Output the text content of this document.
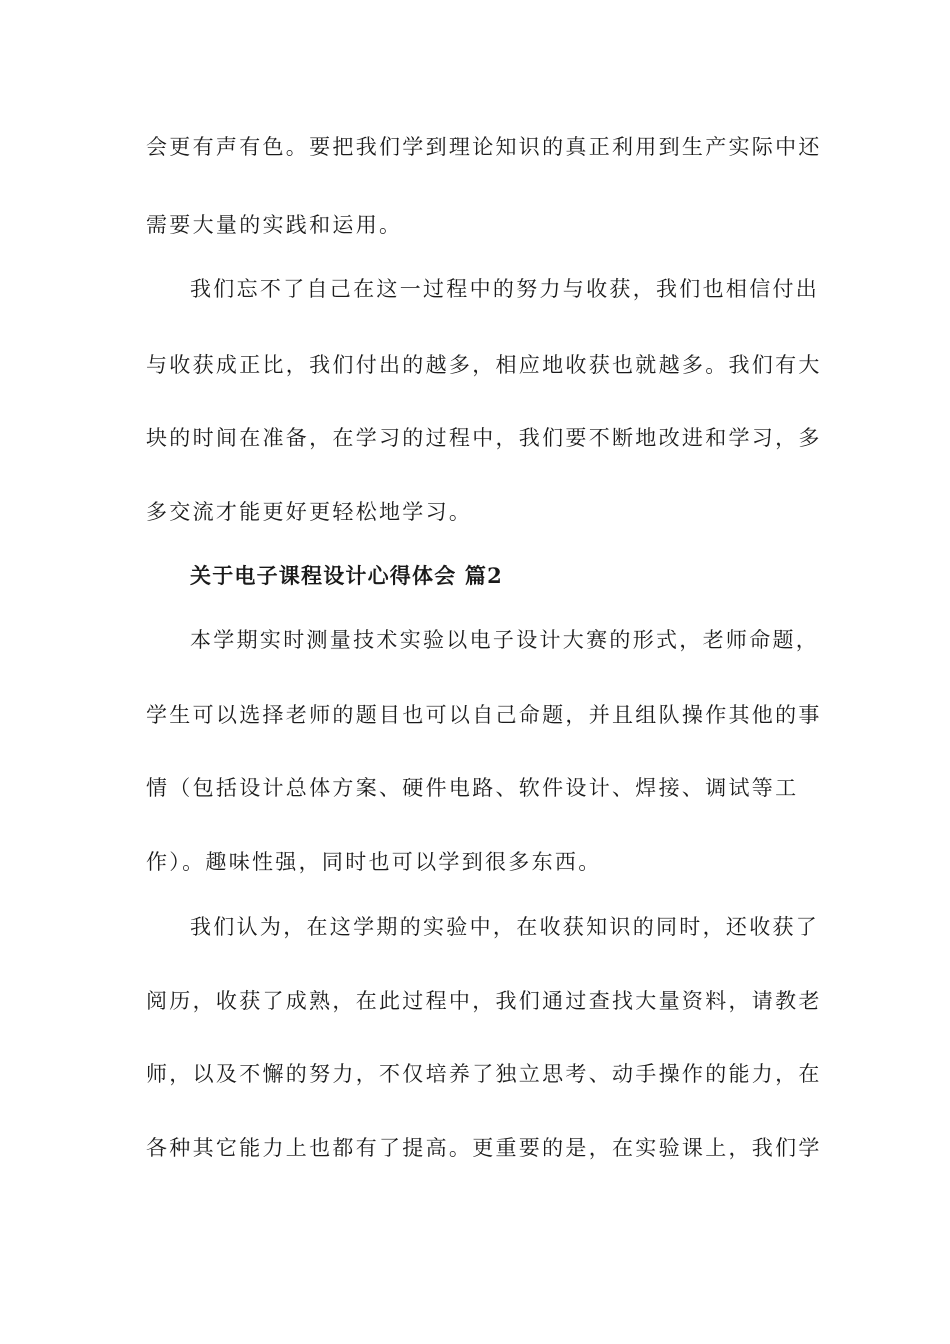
会更有声有色。要把我们学到理论知识的真正利用到生产实际中还
需要大量的实践和运用。
我们忘不了自己在这一过程中的努力与收获，我们也相信付出
与收获成正比，我们付出的越多，相应地收获也就越多。我们有大
块的时间在准备，在学习的过程中，我们要不断地改进和学习，多
多交流才能更好更轻松地学习。
关于电子课程设计心得体会 篇2
本学期实时测量技术实验以电子设计大赛的形式，老师命题，
学生可以选择老师的题目也可以自己命题，并且组队操作其他的事
情（包括设计总体方案、硬件电路、软件设计、焊接、调试等工
作）。趣味性强，同时也可以学到很多东西。
我们认为，在这学期的实验中，在收获知识的同时，还收获了
阅历，收获了成熟，在此过程中，我们通过查找大量资料，请教老
师，以及不懈的努力，不仅培养了独立思考、动手操作的能力，在
各种其它能力上也都有了提高。更重要的是，在实验课上，我们学
